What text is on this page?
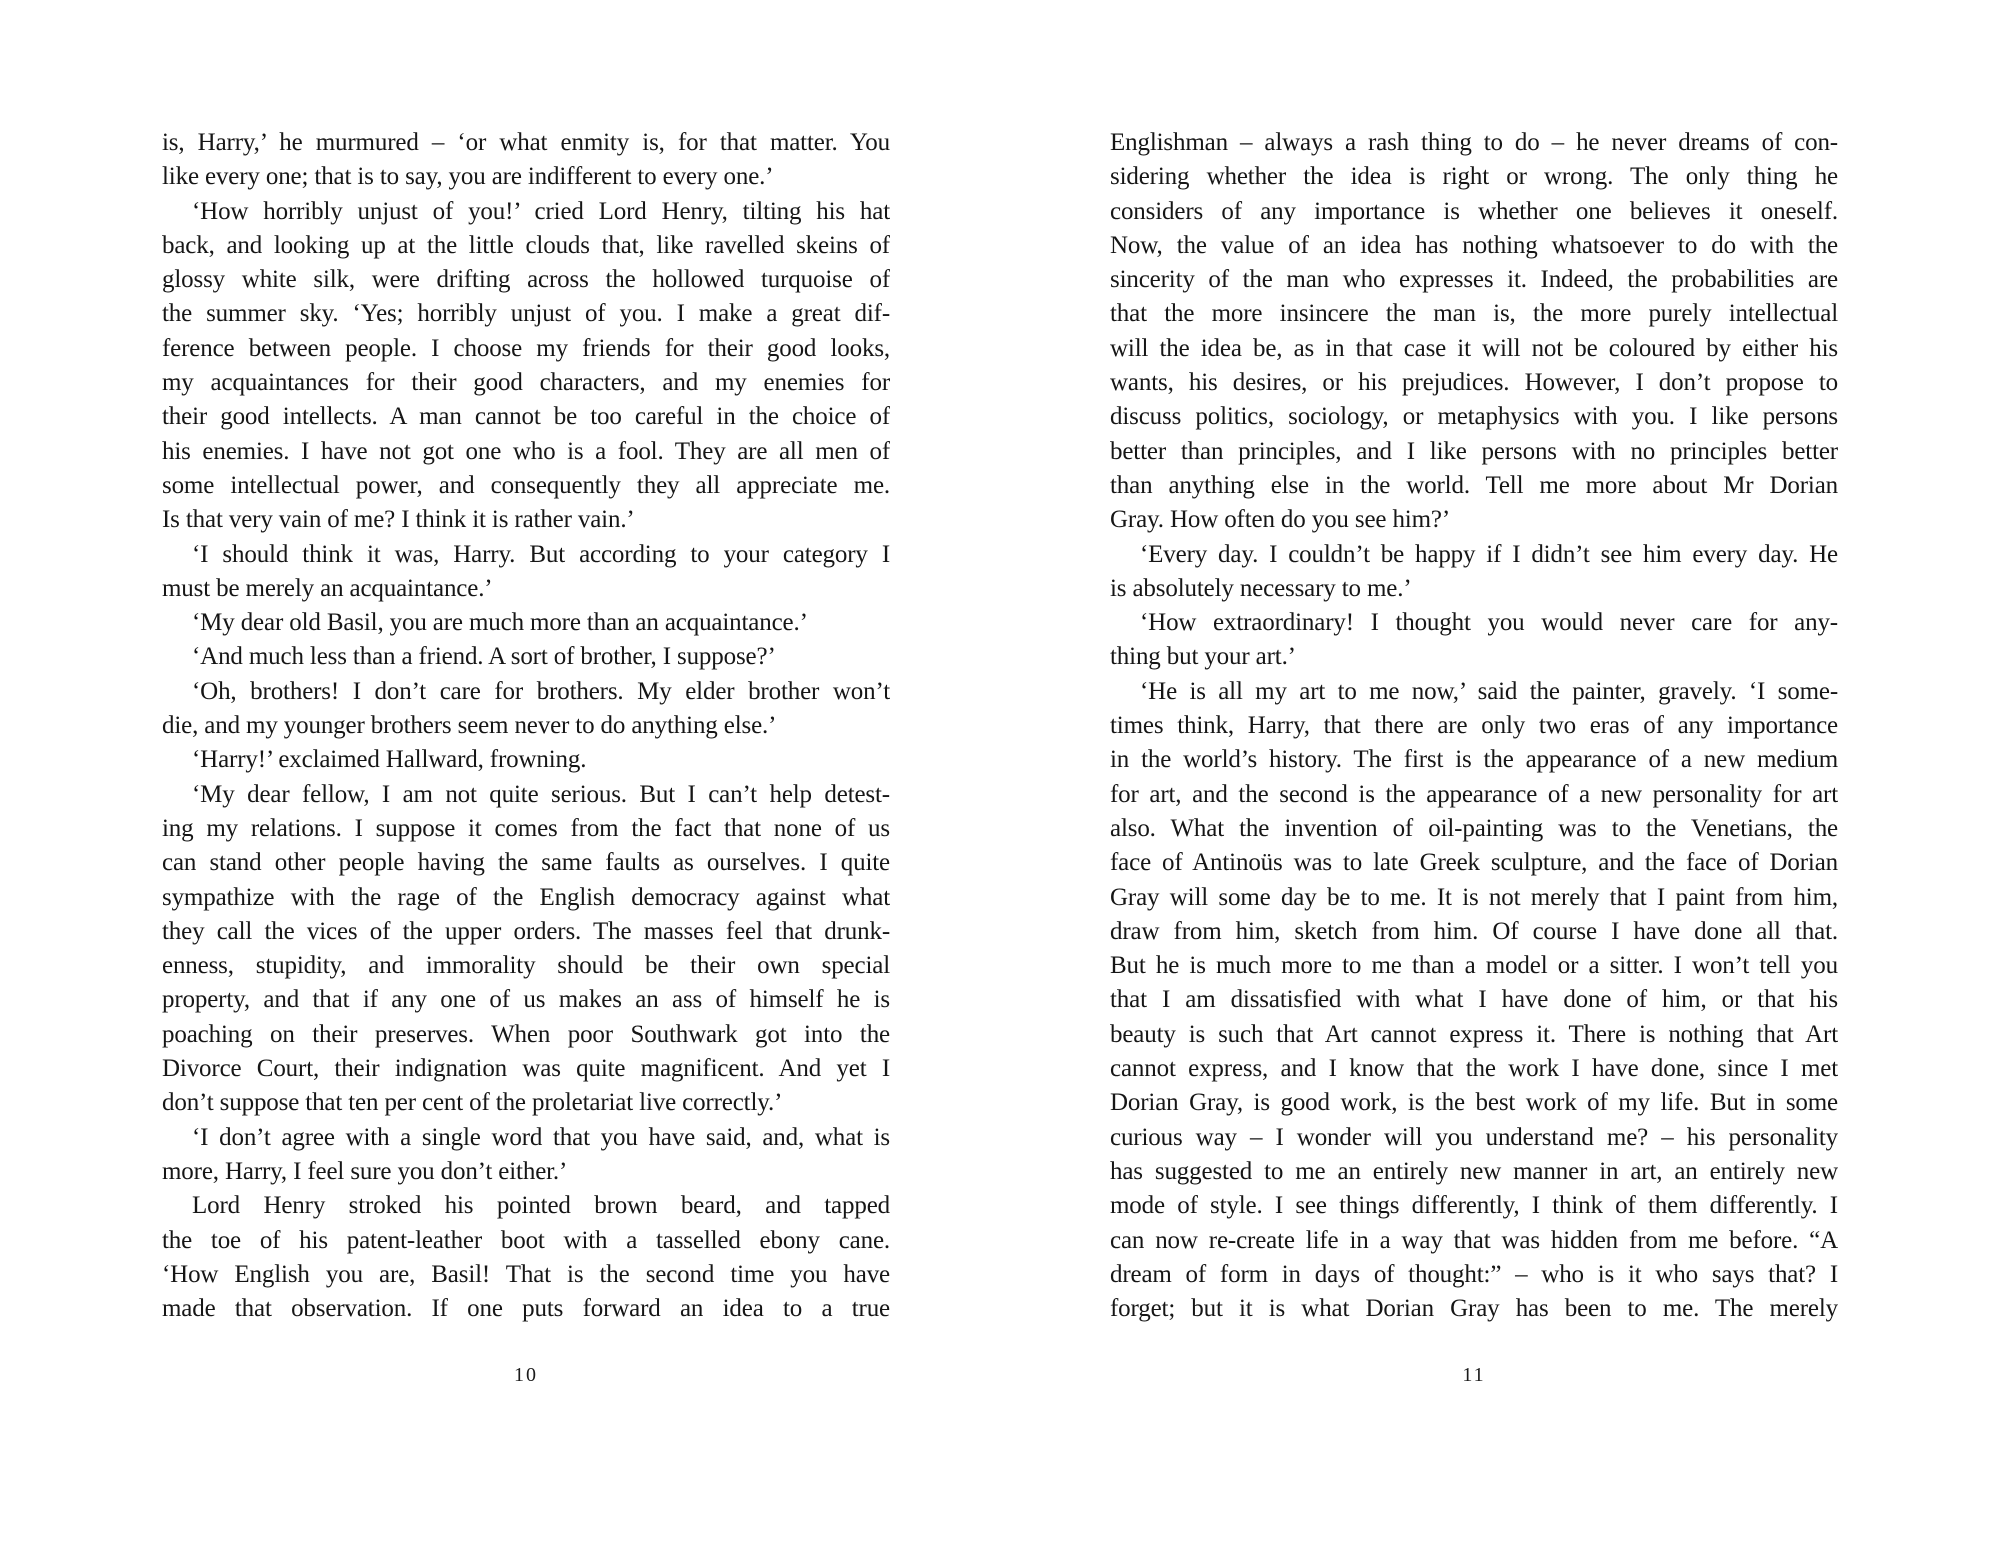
is, Harry,’ he murmured – ‘or what enmity is, for that matter. You
like every one; that is to say, you are indifferent to every one.’
‘How horribly unjust of you!’ cried Lord Henry, tilting his hat
back, and looking up at the little clouds that, like ravelled skeins of
glossy white silk, were drifting across the hollowed turquoise of
the summer sky. ‘Yes; horribly unjust of you. I make a great dif-
ference between people. I choose my friends for their good looks,
my acquaintances for their good characters, and my enemies for
their good intellects. A man cannot be too careful in the choice of
his enemies. I have not got one who is a fool. They are all men of
some intellectual power, and consequently they all appreciate me.
Is that very vain of me? I think it is rather vain.’
‘I should think it was, Harry. But according to your category I
must be merely an acquaintance.’
‘My dear old Basil, you are much more than an acquaintance.’
‘And much less than a friend. A sort of brother, I suppose?’
‘Oh, brothers! I don’t care for brothers. My elder brother won’t
die, and my younger brothers seem never to do anything else.’
‘Harry!’ exclaimed Hallward, frowning.
‘My dear fellow, I am not quite serious. But I can’t help detest-
ing my relations. I suppose it comes from the fact that none of us
can stand other people having the same faults as ourselves. I quite
sympathize with the rage of the English democracy against what
they call the vices of the upper orders. The masses feel that drunk-
enness, stupidity, and immorality should be their own special
property, and that if any one of us makes an ass of himself he is
poaching on their preserves. When poor Southwark got into the
Divorce Court, their indignation was quite magnificent. And yet I
don’t suppose that ten per cent of the proletariat live correctly.’
‘I don’t agree with a single word that you have said, and, what is
more, Harry, I feel sure you don’t either.’
Lord Henry stroked his pointed brown beard, and tapped
the toe of his patent-leather boot with a tasselled ebony cane.
‘How English you are, Basil! That is the second time you have
made that observation. If one puts forward an idea to a true
10
Englishman – always a rash thing to do – he never dreams of con-
sidering whether the idea is right or wrong. The only thing he
considers of any importance is whether one believes it oneself.
Now, the value of an idea has nothing whatsoever to do with the
sincerity of the man who expresses it. Indeed, the probabilities are
that the more insincere the man is, the more purely intellectual
will the idea be, as in that case it will not be coloured by either his
wants, his desires, or his prejudices. However, I don’t propose to
discuss politics, sociology, or metaphysics with you. I like persons
better than principles, and I like persons with no principles better
than anything else in the world. Tell me more about Mr Dorian
Gray. How often do you see him?’
‘Every day. I couldn’t be happy if I didn’t see him every day. He
is absolutely necessary to me.’
‘How extraordinary! I thought you would never care for any-
thing but your art.’
‘He is all my art to me now,’ said the painter, gravely. ‘I some-
times think, Harry, that there are only two eras of any importance
in the world’s history. The first is the appearance of a new medium
for art, and the second is the appearance of a new personality for art
also. What the invention of oil-painting was to the Venetians, the
face of Antinoüs was to late Greek sculpture, and the face of Dorian
Gray will some day be to me. It is not merely that I paint from him,
draw from him, sketch from him. Of course I have done all that.
But he is much more to me than a model or a sitter. I won’t tell you
that I am dissatisfied with what I have done of him, or that his
beauty is such that Art cannot express it. There is nothing that Art
cannot express, and I know that the work I have done, since I met
Dorian Gray, is good work, is the best work of my life. But in some
curious way – I wonder will you understand me? – his personality
has suggested to me an entirely new manner in art, an entirely new
mode of style. I see things differently, I think of them differently. I
can now re-create life in a way that was hidden from me before. “A
dream of form in days of thought:” – who is it who says that? I
forget; but it is what Dorian Gray has been to me. The merely
11
